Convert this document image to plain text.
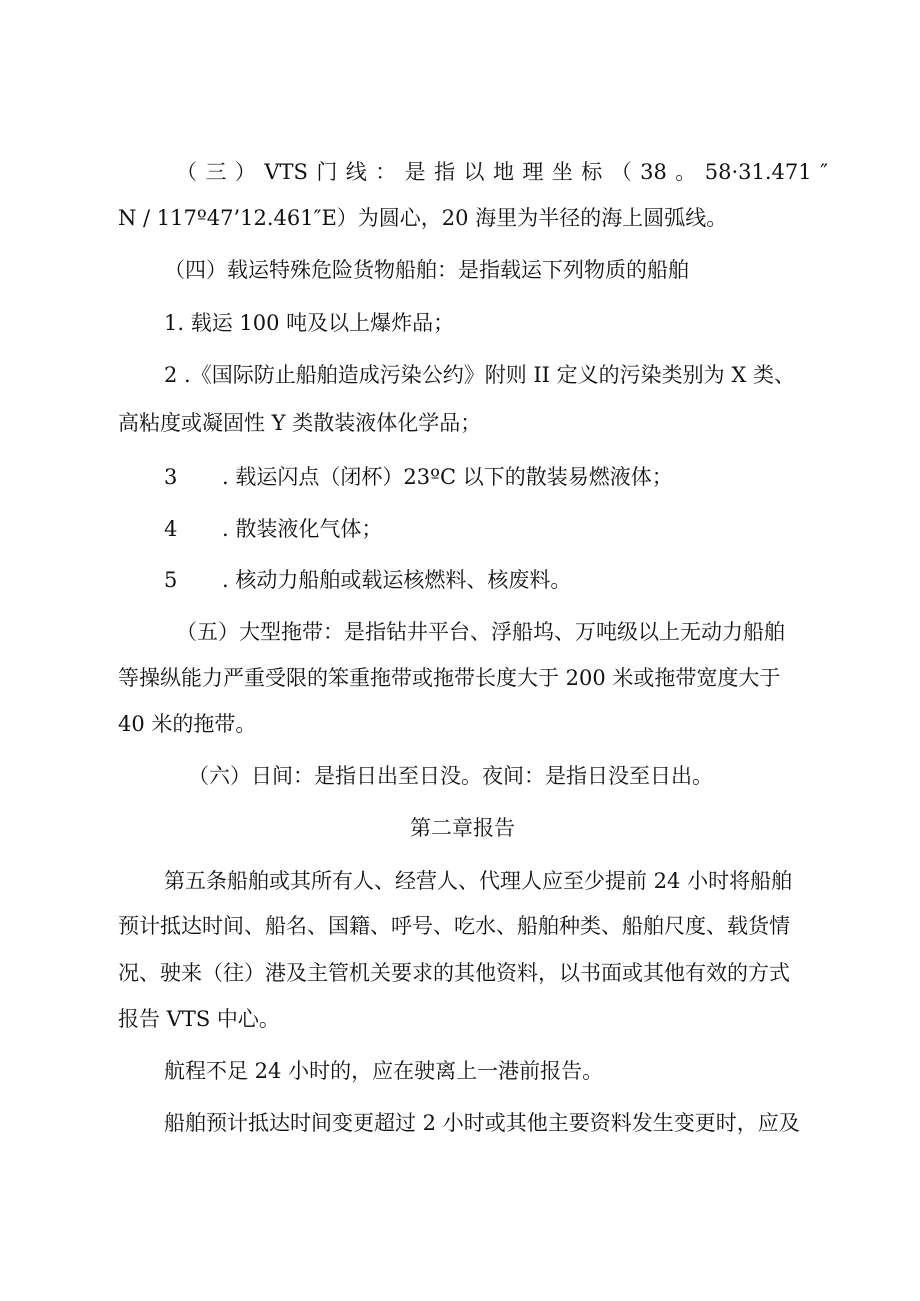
（ 三 ） VTS 门 线 ： 是 指 以 地 理 坐 标 （ 38 。 58·31.471 ″
N / 117º47’12.461″E）为圆心，20 海里为半径的海上圆弧线。
（四）载运特殊危险货物船舶：是指载运下列物质的船舶
1. 载运 100 吨及以上爆炸品；
2 .《国际防止船舶造成污染公约》附则 II 定义的污染类别为 X 类、
高粘度或凝固性 Y 类散装液体化学品；
3 . 载运闪点（闭杯）23ºC 以下的散装易燃液体；
4 . 散装液化气体；
5 . 核动力船舶或载运核燃料、核废料。
（五）大型拖带：是指钻井平台、浮船坞、万吨级以上无动力船舶
等操纵能力严重受限的笨重拖带或拖带长度大于 200 米或拖带宽度大于
40 米的拖带。
（六）日间：是指日出至日没。夜间：是指日没至日出。
第二章报告
第五条船舶或其所有人、经营人、代理人应至少提前 24 小时将船舶
预计抵达时间、船名、国籍、呼号、吃水、船舶种类、船舶尺度、载货情
况、驶来（往）港及主管机关要求的其他资料，以书面或其他有效的方式
报告 VTS 中心。
航程不足 24 小时的，应在驶离上一港前报告。
船舶预计抵达时间变更超过 2 小时或其他主要资料发生变更时，应及
